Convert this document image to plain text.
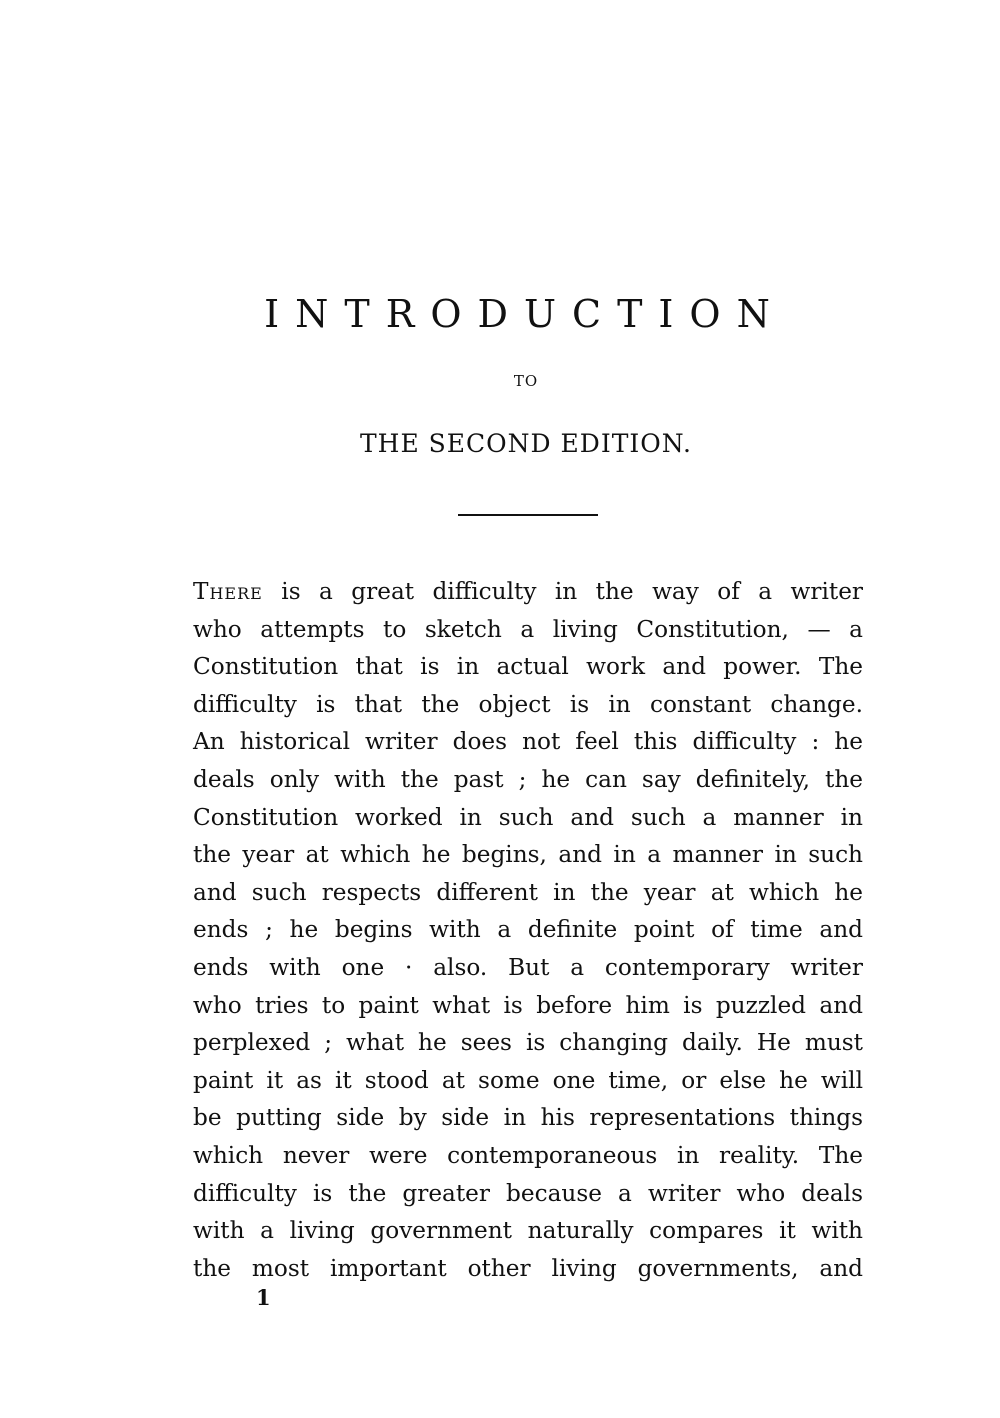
INTRODUCTION
TO
THE SECOND EDITION.
There is a great difficulty in the way of a writer
who attempts to sketch a living Constitution, — a
Constitution that is in actual work and power. The
difficulty is that the object is in constant change.
An historical writer does not feel this difficulty : he
deals only with the past ; he can say definitely, the
Constitution worked in such and such a manner in
the year at which he begins, and in a manner in such
and such respects different in the year at which he
ends ; he begins with a definite point of time and
ends with one · also. But a contemporary writer
who tries to paint what is before him is puzzled and
perplexed ; what he sees is changing daily. He must
paint it as it stood at some one time, or else he will
be putting side by side in his representations things
which never were contemporaneous in reality. The
difficulty is the greater because a writer who deals
with a living government naturally compares it with
the most important other living governments, and
1
